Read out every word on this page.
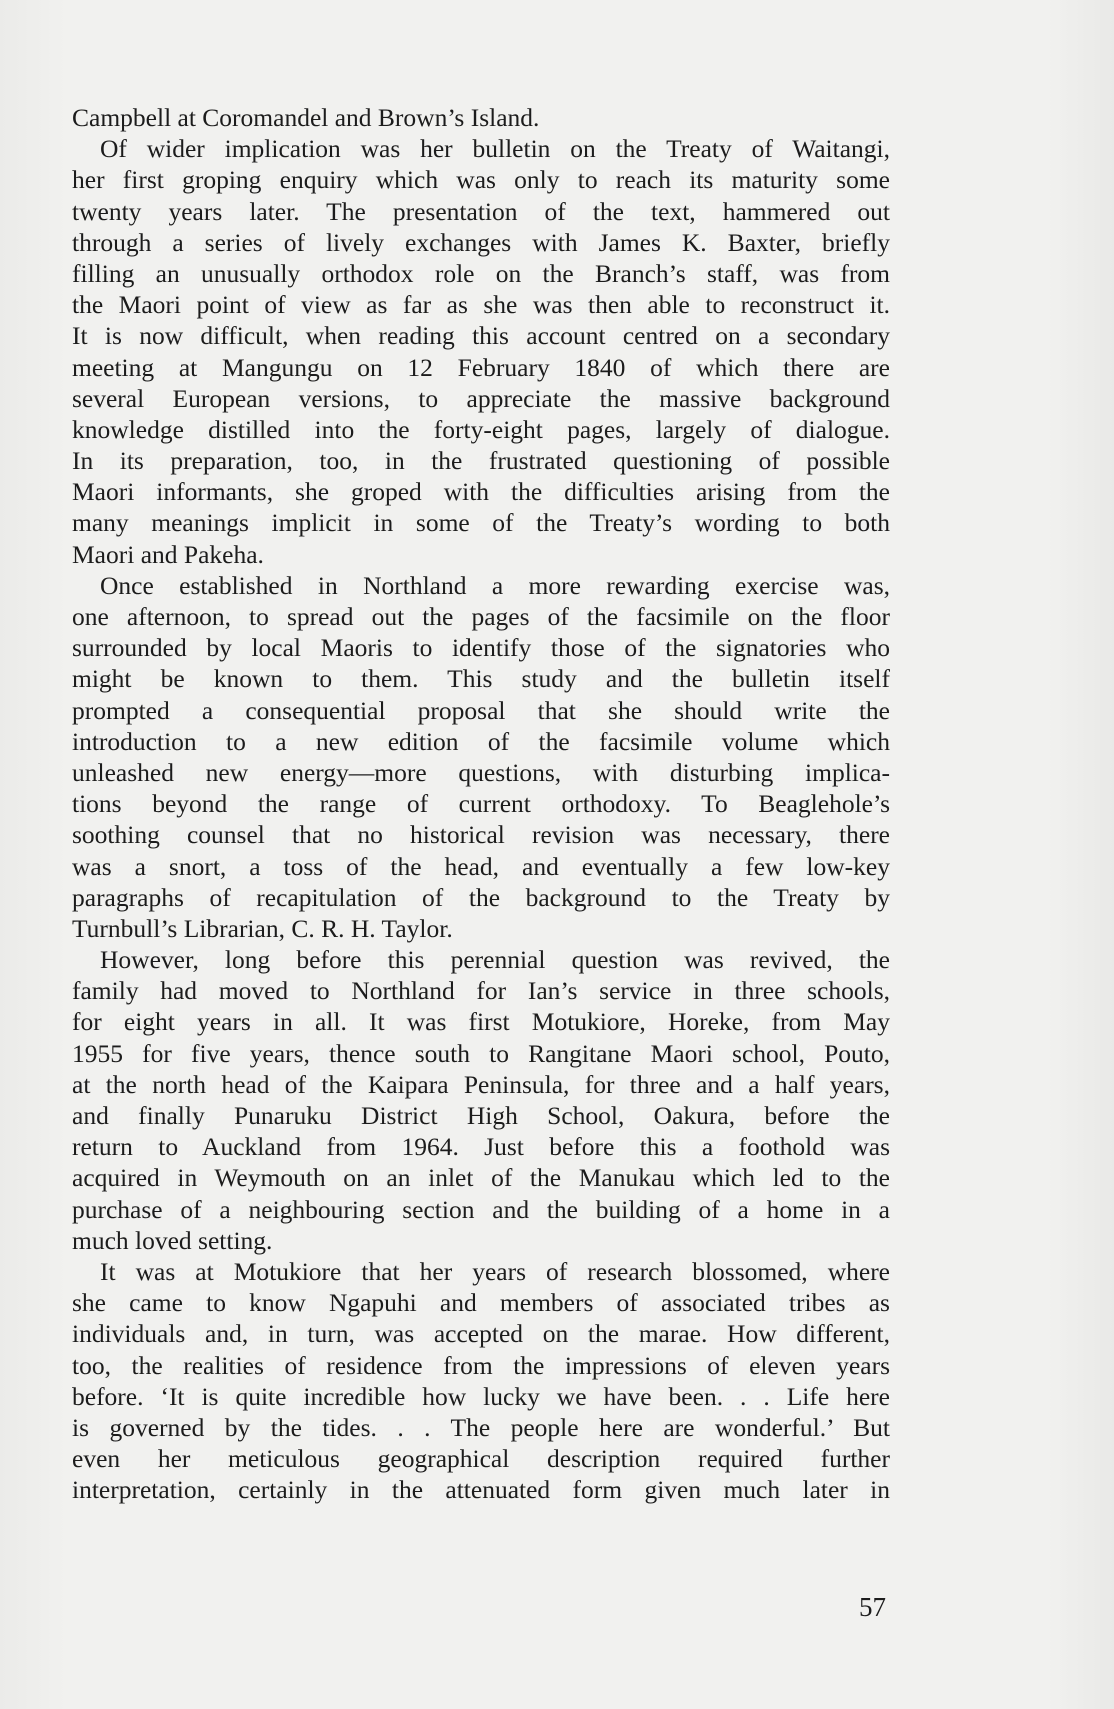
Campbell at Coromandel and Brown’s Island.
Of wider implication was her bulletin on the Treaty of Waitangi,
her first groping enquiry which was only to reach its maturity some
twenty years later. The presentation of the text, hammered out
through a series of lively exchanges with James K. Baxter, briefly
filling an unusually orthodox role on the Branch’s staff, was from
the Maori point of view as far as she was then able to reconstruct it.
It is now difficult, when reading this account centred on a secondary
meeting at Mangungu on 12 February 1840 of which there are
several European versions, to appreciate the massive background
knowledge distilled into the forty-eight pages, largely of dialogue.
In its preparation, too, in the frustrated questioning of possible
Maori informants, she groped with the difficulties arising from the
many meanings implicit in some of the Treaty’s wording to both
Maori and Pakeha.
Once established in Northland a more rewarding exercise was,
one afternoon, to spread out the pages of the facsimile on the floor
surrounded by local Maoris to identify those of the signatories who
might be known to them. This study and the bulletin itself
prompted a consequential proposal that she should write the
introduction to a new edition of the facsimile volume which
unleashed new energy—more questions, with disturbing implica-
tions beyond the range of current orthodoxy. To Beaglehole’s
soothing counsel that no historical revision was necessary, there
was a snort, a toss of the head, and eventually a few low-key
paragraphs of recapitulation of the background to the Treaty by
Turnbull’s Librarian, C. R. H. Taylor.
However, long before this perennial question was revived, the
family had moved to Northland for Ian’s service in three schools,
for eight years in all. It was first Motukiore, Horeke, from May
1955 for five years, thence south to Rangitane Maori school, Pouto,
at the north head of the Kaipara Peninsula, for three and a half years,
and finally Punaruku District High School, Oakura, before the
return to Auckland from 1964. Just before this a foothold was
acquired in Weymouth on an inlet of the Manukau which led to the
purchase of a neighbouring section and the building of a home in a
much loved setting.
It was at Motukiore that her years of research blossomed, where
she came to know Ngapuhi and members of associated tribes as
individuals and, in turn, was accepted on the marae. How different,
too, the realities of residence from the impressions of eleven years
before. ‘It is quite incredible how lucky we have been. . . Life here
is governed by the tides. . . The people here are wonderful.’ But
even her meticulous geographical description required further
interpretation, certainly in the attenuated form given much later in
57
